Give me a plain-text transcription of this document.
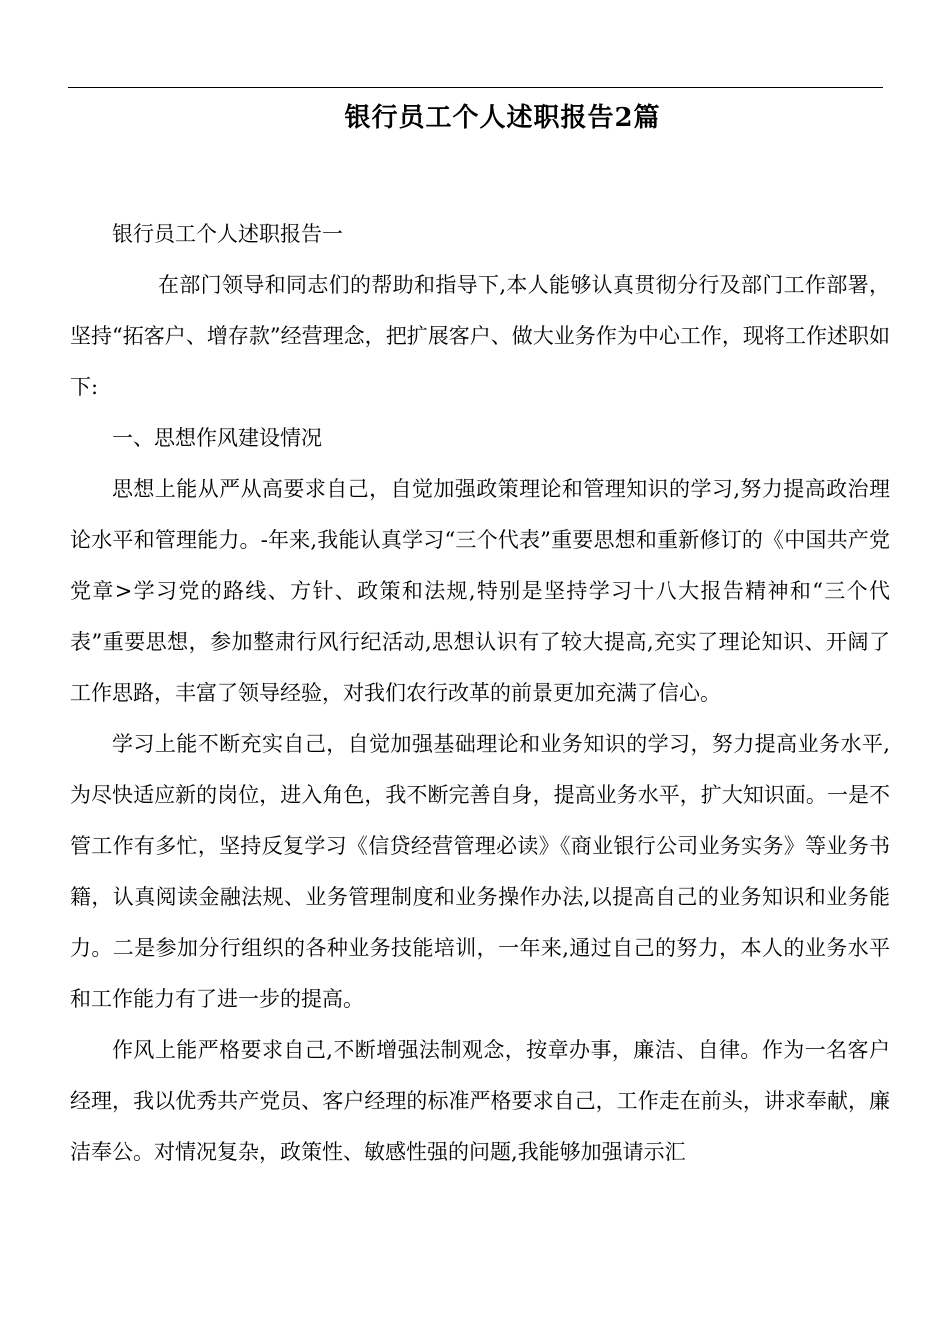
银行员工个人述职报告2篇

银行员工个人述职报告一

在部门领导和同志们的帮助和指导下,本人能够认真贯彻分行及部门工作部署，坚持“拓客户、增存款”经营理念，把扩展客户、做大业务作为中心工作，现将工作述职如下:

一、思想作风建设情况

思想上能从严从高要求自己，自觉加强政策理论和管理知识的学习,努力提高政治理论水平和管理能力。-年来,我能认真学习“三个代表”重要思想和重新修订的《中国共产党党章>学习党的路线、方针、政策和法规,特别是坚持学习十八大报告精神和“三个代表”重要思想，参加整肃行风行纪活动,思想认识有了较大提高,充实了理论知识、开阔了工作思路，丰富了领导经验，对我们农行改革的前景更加充满了信心。

学习上能不断充实自己，自觉加强基础理论和业务知识的学习，努力提高业务水平,为尽快适应新的岗位，进入角色，我不断完善自身，提高业务水平，扩大知识面。一是不管工作有多忙，坚持反复学习《信贷经营管理必读》《商业银行公司业务实务》等业务书籍，认真阅读金融法规、业务管理制度和业务操作办法,以提高自己的业务知识和业务能力。二是参加分行组织的各种业务技能培训，一年来,通过自己的努力，本人的业务水平和工作能力有了进一步的提高。

作风上能严格要求自己,不断增强法制观念，按章办事，廉洁、自律。作为一名客户经理，我以优秀共产党员、客户经理的标准严格要求自己，工作走在前头，讲求奉献，廉洁奉公。对情况复杂，政策性、敏感性强的问题,我能够加强请示汇
